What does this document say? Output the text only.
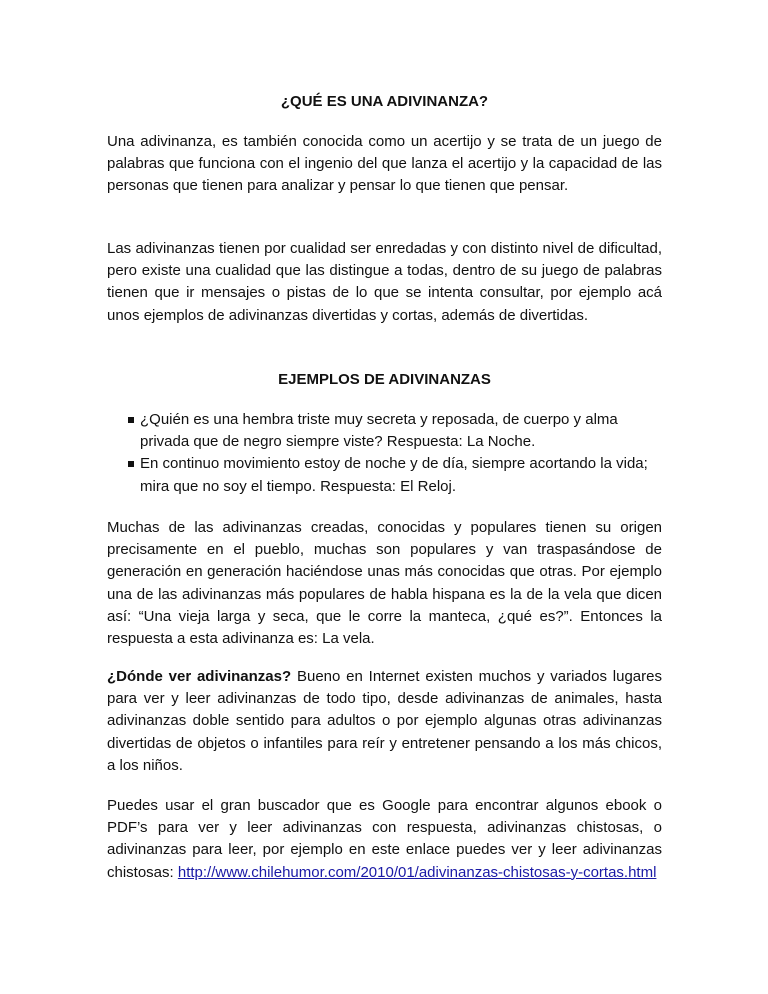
¿QUÉ ES UNA ADIVINANZA?

Una adivinanza, es también conocida como un acertijo y se trata de un juego de palabras que funciona con el ingenio del que lanza el acertijo y la capacidad de las personas que tienen para analizar y pensar lo que tienen que pensar.

Las adivinanzas tienen por cualidad ser enredadas y con distinto nivel de dificultad, pero existe una cualidad que las distingue a todas, dentro de su juego de palabras tienen que ir mensajes o pistas de lo que se intenta consultar, por ejemplo acá unos ejemplos de adivinanzas divertidas y cortas, además de divertidas.

EJEMPLOS DE ADIVINANZAS
¿Quién es una hembra triste muy secreta y reposada, de cuerpo y alma privada que de negro siempre viste? Respuesta: La Noche.
En continuo movimiento estoy de noche y de día, siempre acortando la vida; mira que no soy el tiempo. Respuesta: El Reloj.

Muchas de las adivinanzas creadas, conocidas y populares tienen su origen precisamente en el pueblo, muchas son populares y van traspasándose de generación en generación haciéndose unas más conocidas que otras. Por ejemplo una de las adivinanzas más populares de habla hispana es la de la vela que dicen así: “Una vieja larga y seca, que le corre la manteca, ¿qué es?”. Entonces la respuesta a esta adivinanza es: La vela.

¿Dónde ver adivinanzas? Bueno en Internet existen muchos y variados lugares para ver y leer adivinanzas de todo tipo, desde adivinanzas de animales, hasta adivinanzas doble sentido para adultos o por ejemplo algunas otras adivinanzas divertidas de objetos o infantiles para reír y entretener pensando a los más chicos, a los niños.

Puedes usar el gran buscador que es Google para encontrar algunos ebook o PDF’s para ver y leer adivinanzas con respuesta, adivinanzas chistosas, o adivinanzas para leer, por ejemplo en este enlace puedes ver y leer adivinanzas chistosas: http://www.chilehumor.com/2010/01/adivinanzas-chistosas-y-cortas.html
